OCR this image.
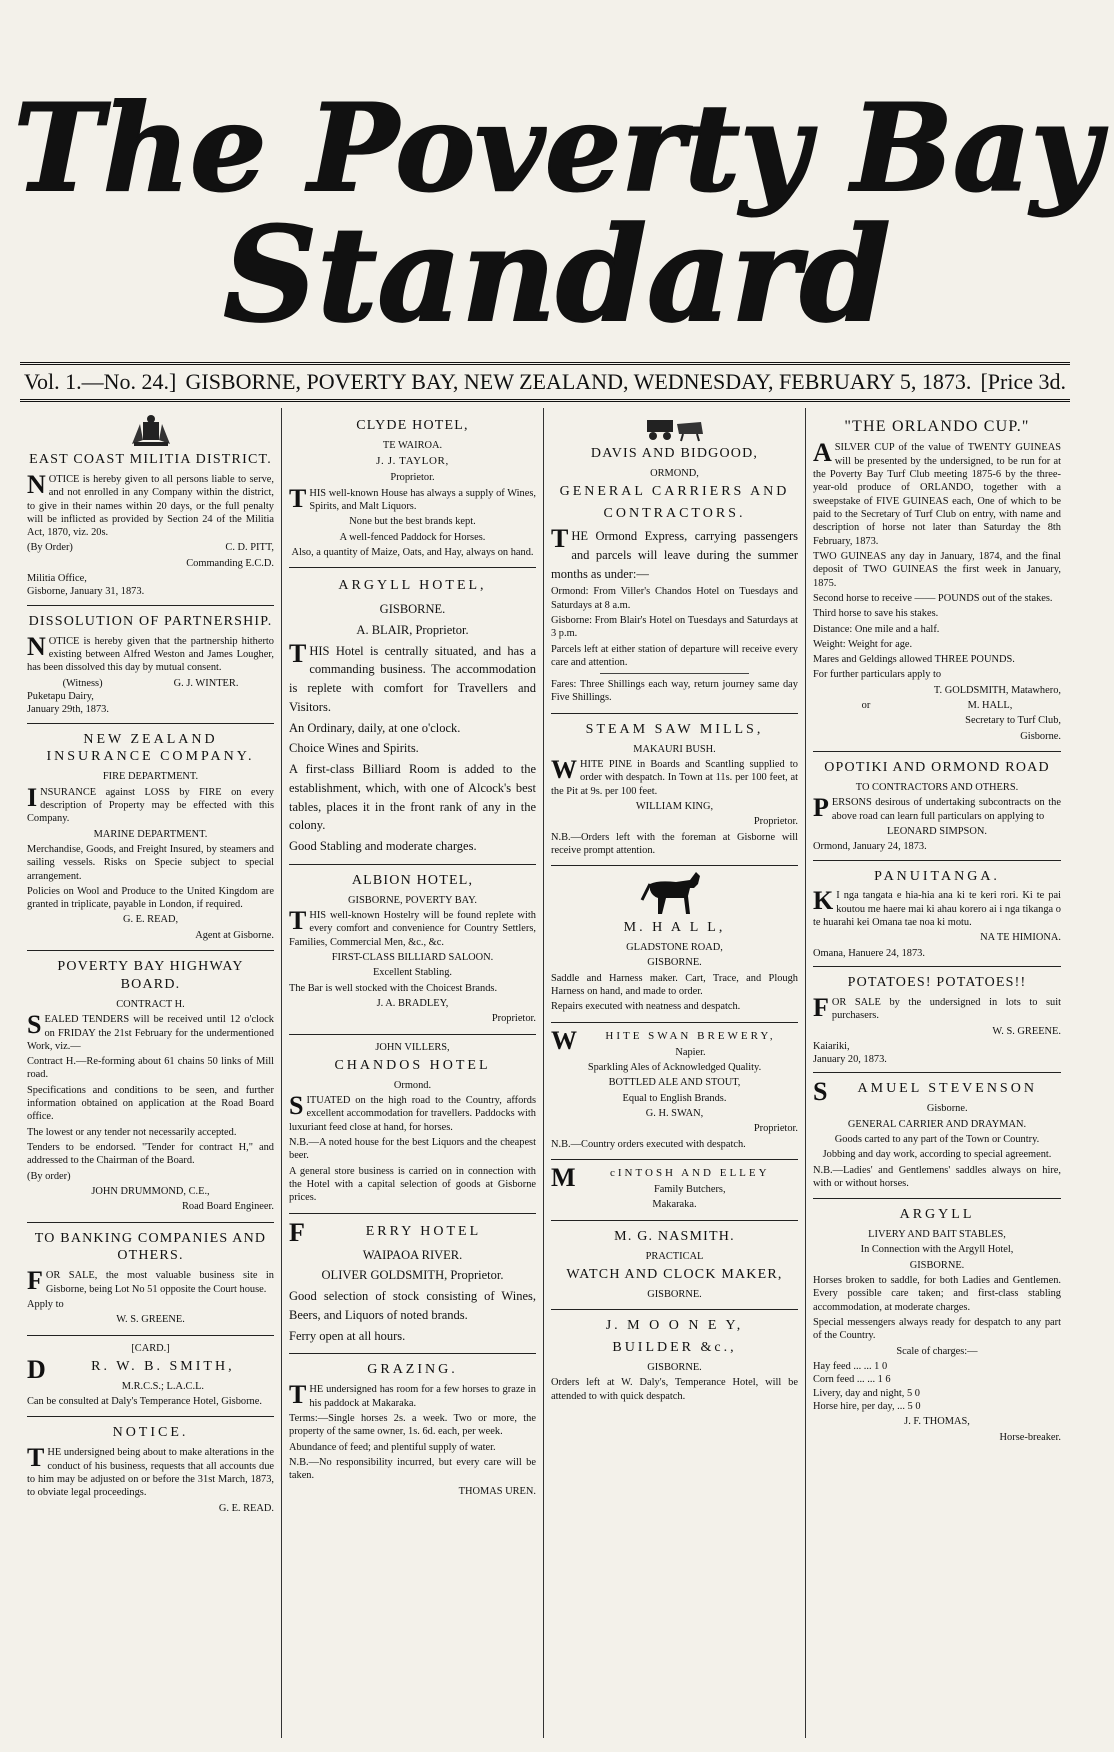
The Poverty Bay
Standard
Vol. 1.—No. 24.] GISBORNE, POVERTY BAY, NEW ZEALAND, WEDNESDAY, FEBRUARY 5, 1873. [Price 3d.
EAST COAST MILITIA DISTRICT.
NOTICE is hereby given to all persons liable to serve, and not enrolled in any Company within the district, to give in their names within 20 days, or the full penalty will be inflicted as provided by Section 24 of the Militia Act, 1870, viz. 20s.
(By Order)	C. D. PITT,
Commanding E.C.D.
Militia Office,
Gisborne, January 31, 1873.
DISSOLUTION OF PARTNERSHIP.
NOTICE is hereby given that the partnership hitherto existing between Alfred Weston and James Lougher, has been dissolved this day by mutual consent.
(Witness)	G. J. WINTER.
Puketapu Dairy,
January 29th, 1873.
NEW ZEALAND INSURANCE COMPANY.
FIRE DEPARTMENT.
INSURANCE against LOSS by FIRE on every description of Property may be effected with this Company.
MARINE DEPARTMENT.
Merchandise, Goods, and Freight Insured, by steamers and sailing vessels. Risks on Specie subject to special arrangement.
Policies on Wool and Produce to the United Kingdom are granted in triplicate, payable in London, if required.
G. E. READ,
Agent at Gisborne.
POVERTY BAY HIGHWAY BOARD.
CONTRACT H.
SEALED TENDERS will be received until 12 o'clock on FRIDAY the 21st February for the undermentioned Work, viz.—
Contract H.—Re-forming about 61 chains 50 links of Mill road.
Specifications and conditions to be seen, and further information obtained on application at the Road Board office.
The lowest or any tender not necessarily accepted.
Tenders to be endorsed. "Tender for contract H," and addressed to the Chairman of the Board.
(By order)
JOHN DRUMMOND, C.E.,
Road Board Engineer.
TO BANKING COMPANIES AND OTHERS.
FOR SALE, the most valuable business site in Gisborne, being Lot No 51 opposite the Court house.
Apply to
W. S. GREENE.
[CARD.]
D	R. W. B. SMITH,
M.R.C.S.; L.A.C.L.
Can be consulted at Daly's Temperance Hotel, Gisborne.
NOTICE.
THE undersigned being about to make alterations in the conduct of his business, requests that all accounts due to him may be adjusted on or before the 31st March, 1873, to obviate legal proceedings.
G. E. READ.
CLYDE HOTEL,
TE WAIROA.
J. J. TAYLOR,
Proprietor.
THIS well-known House has always a supply of Wines, Spirits, and Malt Liquors.
None but the best brands kept.
A well-fenced Paddock for Horses.
Also, a quantity of Maize, Oats, and Hay, always on hand.
ARGYLL HOTEL,
GISBORNE.
A. BLAIR, Proprietor.
THIS Hotel is centrally situated, and has a commanding business. The accommodation is replete with comfort for Travellers and Visitors.
An Ordinary, daily, at one o'clock.
Choice Wines and Spirits.
A first-class Billiard Room is added to the establishment, which, with one of Alcock's best tables, places it in the front rank of any in the colony.
Good Stabling and moderate charges.
ALBION HOTEL,
GISBORNE, POVERTY BAY.
THIS well-known Hostelry will be found replete with every comfort and convenience for Country Settlers, Families, Commercial Men, &c., &c.
FIRST-CLASS BILLIARD SALOON.
Excellent Stabling.
The Bar is well stocked with the Choicest Brands.
J. A. BRADLEY,
Proprietor.
JOHN VILLERS,
CHANDOS HOTEL
Ormond.
SITUATED on the high road to the Country, affords excellent accommodation for travellers. Paddocks with luxuriant feed close at hand, for horses.
N.B.—A noted house for the best Liquors and the cheapest beer.
A general store business is carried on in connection with the Hotel with a capital selection of goods at Gisborne prices.
F	ERRY HOTEL
WAIPAOA RIVER.
OLIVER GOLDSMITH, Proprietor.
Good selection of stock consisting of Wines, Beers, and Liquors of noted brands.
Ferry open at all hours.
GRAZING.
THE undersigned has room for a few horses to graze in his paddock at Makaraka.
Terms:—Single horses 2s. a week. Two or more, the property of the same owner, 1s. 6d. each, per week.
Abundance of feed; and plentiful supply of water.
N.B.—No responsibility incurred, but every care will be taken.
THOMAS UREN.
DAVIS AND BIDGOOD,
ORMOND,
GENERAL CARRIERS AND
CONTRACTORS.
THE Ormond Express, carrying passengers and parcels will leave during the summer months as under:—
Ormond: From Viller's Chandos Hotel on Tuesdays and Saturdays at 8 a.m.
Gisborne: From Blair's Hotel on Tuesdays and Saturdays at 3 p.m.
Parcels left at either station of departure will receive every care and attention.
Fares: Three Shillings each way, return journey same day Five Shillings.
STEAM SAW MILLS,
MAKAURI BUSH.
WHITE PINE in Boards and Scantling supplied to order with despatch. In Town at 11s. per 100 feet, at the Pit at 9s. per 100 feet.
WILLIAM KING,
Proprietor.
N.B.—Orders left with the foreman at Gisborne will receive prompt attention.
M. H A L L,
GLADSTONE ROAD,
GISBORNE.
Saddle and Harness maker. Cart, Trace, and Plough Harness on hand, and made to order.
Repairs executed with neatness and despatch.
W HITE SWAN BREWERY,
Napier.
Sparkling Ales of Acknowledged Quality.
BOTTLED ALE AND STOUT,
Equal to English Brands.
G. H. SWAN,
Proprietor.
N.B.—Country orders executed with despatch.
M	cINTOSH AND ELLEY
Family Butchers,
Makaraka.
M. G. NASMITH.
PRACTICAL
WATCH AND CLOCK MAKER,
GISBORNE.
J. M O O N E Y,
BUILDER &c.,
GISBORNE.
Orders left at W. Daly's, Temperance Hotel, will be attended to with quick despatch.
"THE ORLANDO CUP."
ASILVER CUP of the value of TWENTY GUINEAS will be presented by the undersigned, to be run for at the Poverty Bay Turf Club meeting 1875-6 by the three-year-old produce of ORLANDO, together with a sweepstake of FIVE GUINEAS each, One of which to be paid to the Secretary of Turf Club on entry, with name and description of horse not later than Saturday the 8th February, 1873.
TWO GUINEAS any day in January, 1874, and the final deposit of TWO GUINEAS the first week in January, 1875.
Second horse to receive —— POUNDS out of the stakes.
Third horse to save his stakes.
Distance: One mile and a half.
Weight: Weight for age.
Mares and Geldings allowed THREE POUNDS.
For further particulars apply to
T. GOLDSMITH, Matawhero,
or	M. HALL,
Secretary to Turf Club,
Gisborne.
OPOTIKI AND ORMOND ROAD
TO CONTRACTORS AND OTHERS.
PERSONS desirous of undertaking subcontracts on the above road can learn full particulars on applying to
LEONARD SIMPSON.
Ormond, January 24, 1873.
PANUITANGA.
K I nga tangata e hia-hia ana ki te keri rori. Ki te pai koutou me haere mai ki ahau korero ai i nga tikanga o te huarahi kei Omana tae noa ki motu.
NA TE HIMIONA.
Omana, Hanuere 24, 1873.
POTATOES! POTATOES!!
FOR SALE by the undersigned in lots to suit purchasers.
W. S. GREENE.
Kaiariki,
January 20, 1873.
S AMUEL STEVENSON
Gisborne.
GENERAL CARRIER AND DRAYMAN.
Goods carted to any part of the Town or Country.
Jobbing and day work, according to special agreement.
N.B.—Ladies' and Gentlemens' saddles always on hire, with or without horses.
ARGYLL
LIVERY AND BAIT STABLES,
In Connection with the Argyll Hotel,
GISBORNE.
Horses broken to saddle, for both Ladies and Gentlemen. Every possible care taken; and first-class stabling accommodation, at moderate charges.
Special messengers always ready for despatch to any part of the Country.
Scale of charges:—
Hay feed ... ... 1 0
Corn feed ... ... 1 6
Livery, day and night, 5 0
Horse hire, per day, ... 5 0
J. F. THOMAS,
Horse-breaker.
